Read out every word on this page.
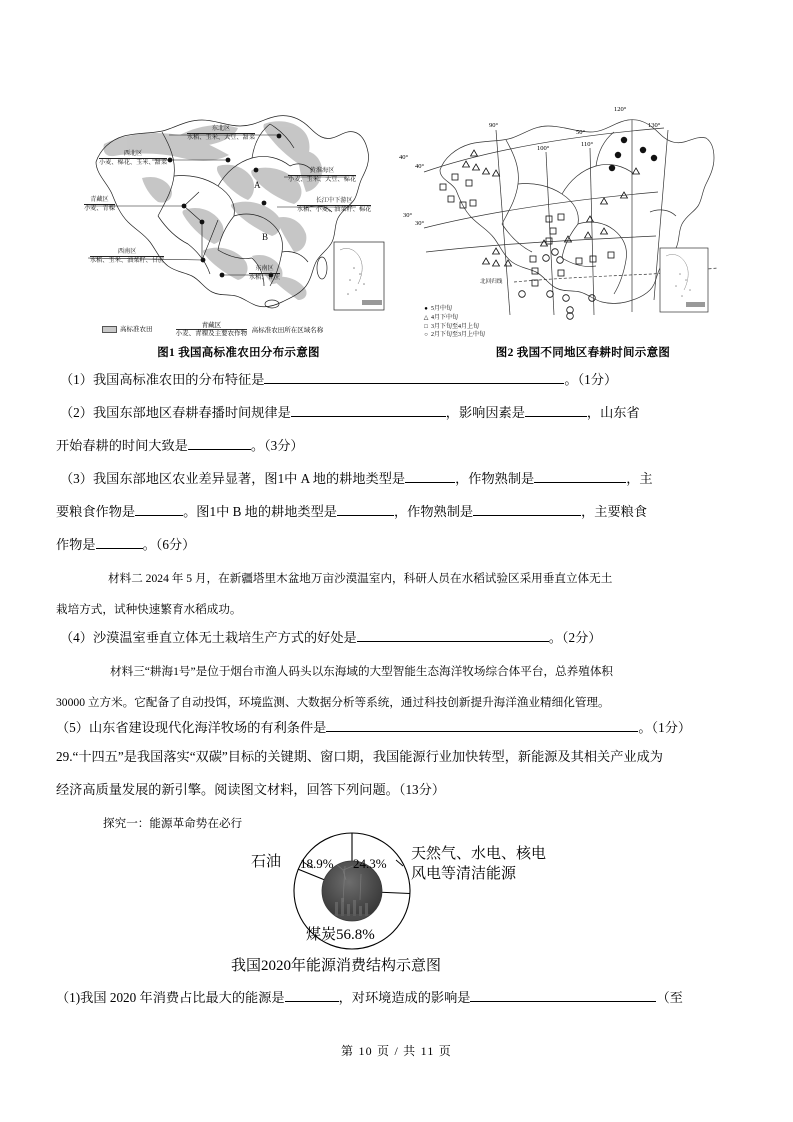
A
B
东北区
水稻、玉米、大豆、甜菜
西北区
小麦、棉花、玉米、甜菜
黄淮海区
小麦、玉米、大豆、棉花
长江中下游区
水稻、小麦、油菜籽、棉花
青藏区
小麦、青稞
西南区
水稻、玉米、油菜籽、甘蔗
东南区
水稻、甘蔗
40°
30°
高标准农田	$\frac{\text{青藏区}}{\text{小麦、青稞及主要农作物}}$ 高标准农田所在区域名称
图1 我国高标准农田分布示意图
90°
100°
110°
120°
130°
50°
40°
30°
北回归线
● 5月中旬
△ 4月下中旬
□ 3月下旬至4月上旬
○ 2月下旬至3月上中旬
图2 我国不同地区春耕时间示意图
（1）我国高标准农田的分布特征是	。（1分）
（2）我国东部地区春耕春播时间规律是	，影响因素是	，山东省
开始春耕的时间大致是	。（3分）
（3）我国东部地区农业差异显著，图1中 A 地的耕地类型是	，作物熟制是	，主
要粮食作物是	。图1中 B 地的耕地类型是	，作物熟制是	，主要粮食
作物是	。（6分）
材料二 2024 年 5 月，在新疆塔里木盆地万亩沙漠温室内，科研人员在水稻试验区采用垂直立体无土
栽培方式，试种快速繁育水稻成功。
（4）沙漠温室垂直立体无土栽培生产方式的好处是	。（2分）
材料三“耕海1号”是位于烟台市渔人码头以东海域的大型智能生态海洋牧场综合体平台，总养殖体积
30000 立方米。它配备了自动投饵，环境监测、大数据分析等系统，通过科技创新提升海洋渔业精细化管理。
（5）山东省建设现代化海洋牧场的有利条件是	。（1分）
29.“十四五”是我国落实“双碳”目标的关键期、窗口期，我国能源行业加快转型，新能源及其相关产业成为
经济高质量发展的新引擎。阅读图文材料，回答下列问题。（13分）
探究一：能源革命势在必行
18.9%
石油	24.3%
天然气、水电、核电
风电等清洁能源
煤炭56.8%
我国2020年能源消费结构示意图
（1)我国 2020 年消费占比最大的能源是	，对环境造成的影响是	（至
第 10 页 / 共 11 页
